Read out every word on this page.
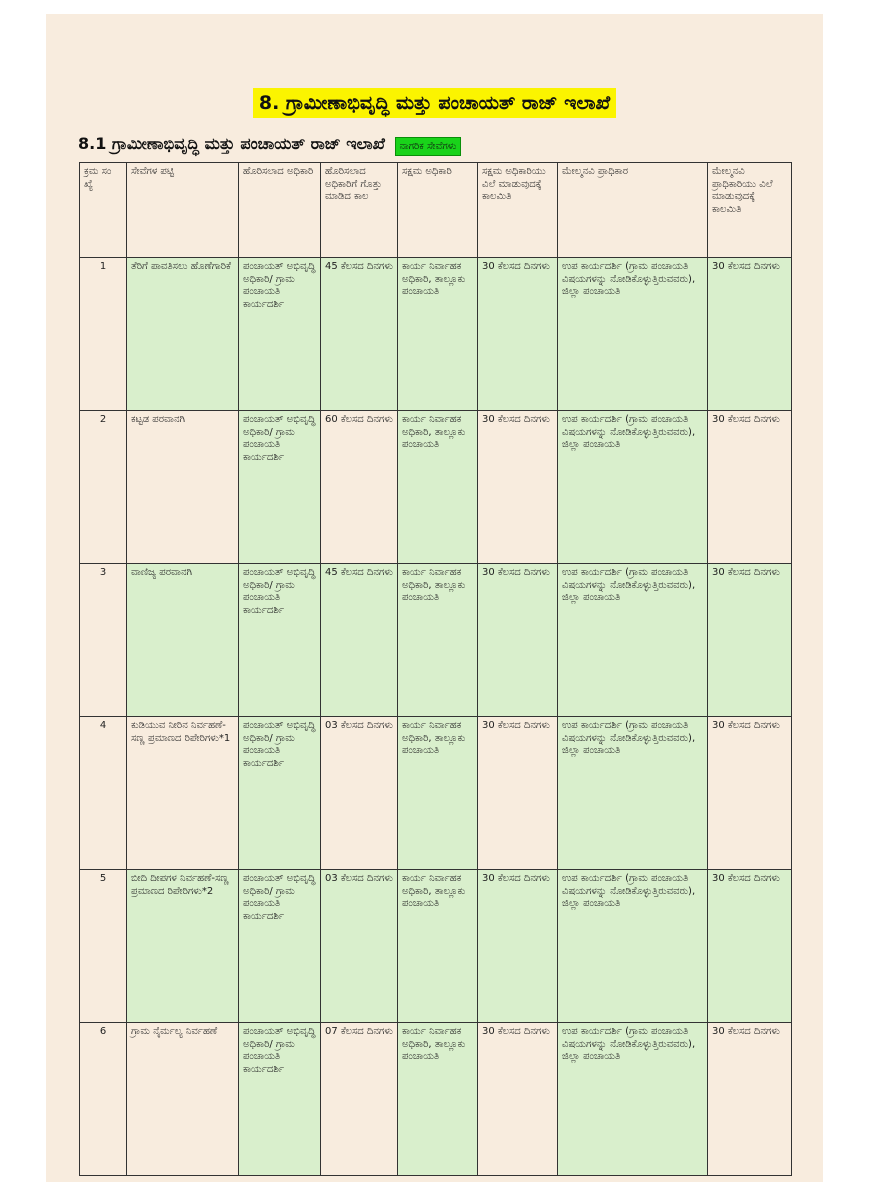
8. ಗ್ರಾಮೀಣಾಭಿವೃದ್ಧಿ ಮತ್ತು ಪಂಚಾಯತ್ ರಾಜ್ ಇಲಾಖೆ
8.1 ಗ್ರಾಮೀಣಾಭಿವೃದ್ಧಿ ಮತ್ತು ಪಂಚಾಯತ್ ರಾಜ್ ಇಲಾಖೆ ನಾಗರಿಕ ಸೇವೆಗಳು
ಕ್ರಮ ಸಂ ಖ್ಯೆ	ಸೇವೆಗಳ ಪಟ್ಟಿ	ಹೊರಿಸಲಾದ ಅಧಿಕಾರಿ	ಹೊರಿಸಲಾದ ಅಧಿಕಾರಿಗೆ ಗೊತ್ತು ಮಾಡಿದ ಕಾಲ	ಸಕ್ಷಮ ಅಧಿಕಾರಿ	ಸಕ್ಷಮ ಅಧಿಕಾರಿಯು ವಿಲೆ ಮಾಡುವುದಕ್ಕೆ ಕಾಲಮಿತಿ	ಮೇಲ್ಮನವಿ ಪ್ರಾಧಿಕಾರ	ಮೇಲ್ಮನವಿ ಪ್ರಾಧಿಕಾರಿಯು ವಿಲೆ ಮಾಡುವುದಕ್ಕೆ ಕಾಲಮಿತಿ
1	ತೆರಿಗೆ ಪಾವತಿಸಲು ಹೊಣೆಗಾರಿಕೆ	ಪಂಚಾಯತ್ ಅಭಿವೃದ್ಧಿ ಅಧಿಕಾರಿ/ ಗ್ರಾಮ ಪಂಚಾಯತಿ ಕಾರ್ಯದರ್ಶಿ	45 ಕೆಲಸದ ದಿನಗಳು	ಕಾರ್ಯ ನಿರ್ವಾಹಕ ಅಧಿಕಾರಿ, ತಾಲ್ಲೂಕು ಪಂಚಾಯತಿ	30 ಕೆಲಸದ ದಿನಗಳು	ಉಪ ಕಾರ್ಯದರ್ಶಿ (ಗ್ರಾಮ ಪಂಚಾಯತಿ ವಿಷಯಗಳನ್ನು ನೋಡಿಕೊಳ್ಳುತ್ತಿರುವವರು), ಜಿಲ್ಲಾ ಪಂಚಾಯತಿ	30 ಕೆಲಸದ ದಿನಗಳು
2	ಕಟ್ಟಡ ಪರವಾನಗಿ	ಪಂಚಾಯತ್ ಅಭಿವೃದ್ಧಿ ಅಧಿಕಾರಿ/ ಗ್ರಾಮ ಪಂಚಾಯತಿ ಕಾರ್ಯದರ್ಶಿ	60 ಕೆಲಸದ ದಿನಗಳು	ಕಾರ್ಯ ನಿರ್ವಾಹಕ ಅಧಿಕಾರಿ, ತಾಲ್ಲೂಕು ಪಂಚಾಯತಿ	30 ಕೆಲಸದ ದಿನಗಳು	ಉಪ ಕಾರ್ಯದರ್ಶಿ (ಗ್ರಾಮ ಪಂಚಾಯತಿ ವಿಷಯಗಳನ್ನು ನೋಡಿಕೊಳ್ಳುತ್ತಿರುವವರು), ಜಿಲ್ಲಾ ಪಂಚಾಯತಿ	30 ಕೆಲಸದ ದಿನಗಳು
3	ವಾಣಿಜ್ಯ ಪರವಾನಗಿ	ಪಂಚಾಯತ್ ಅಭಿವೃದ್ಧಿ ಅಧಿಕಾರಿ/ ಗ್ರಾಮ ಪಂಚಾಯತಿ ಕಾರ್ಯದರ್ಶಿ	45 ಕೆಲಸದ ದಿನಗಳು	ಕಾರ್ಯ ನಿರ್ವಾಹಕ ಅಧಿಕಾರಿ, ತಾಲ್ಲೂಕು ಪಂಚಾಯತಿ	30 ಕೆಲಸದ ದಿನಗಳು	ಉಪ ಕಾರ್ಯದರ್ಶಿ (ಗ್ರಾಮ ಪಂಚಾಯತಿ ವಿಷಯಗಳನ್ನು ನೋಡಿಕೊಳ್ಳುತ್ತಿರುವವರು), ಜಿಲ್ಲಾ ಪಂಚಾಯತಿ	30 ಕೆಲಸದ ದಿನಗಳು
4	ಕುಡಿಯುವ ನೀರಿನ ನಿರ್ವಹಣೆ- ಸಣ್ಣ ಪ್ರಮಾಣದ ರಿಪೇರಿಗಳು*1	ಪಂಚಾಯತ್ ಅಭಿವೃದ್ಧಿ ಅಧಿಕಾರಿ/ ಗ್ರಾಮ ಪಂಚಾಯತಿ ಕಾರ್ಯದರ್ಶಿ	03 ಕೆಲಸದ ದಿನಗಳು	ಕಾರ್ಯ ನಿರ್ವಾಹಕ ಅಧಿಕಾರಿ, ತಾಲ್ಲೂಕು ಪಂಚಾಯತಿ	30 ಕೆಲಸದ ದಿನಗಳು	ಉಪ ಕಾರ್ಯದರ್ಶಿ (ಗ್ರಾಮ ಪಂಚಾಯತಿ ವಿಷಯಗಳನ್ನು ನೋಡಿಕೊಳ್ಳುತ್ತಿರುವವರು), ಜಿಲ್ಲಾ ಪಂಚಾಯತಿ	30 ಕೆಲಸದ ದಿನಗಳು
5	ಬೀದಿ ದೀಪಗಳ ನಿರ್ವಹಣೆ-ಸಣ್ಣ ಪ್ರಮಾಣದ ರಿಪೇರಿಗಳು*2	ಪಂಚಾಯತ್ ಅಭಿವೃದ್ಧಿ ಅಧಿಕಾರಿ/ ಗ್ರಾಮ ಪಂಚಾಯತಿ ಕಾರ್ಯದರ್ಶಿ	03 ಕೆಲಸದ ದಿನಗಳು	ಕಾರ್ಯ ನಿರ್ವಾಹಕ ಅಧಿಕಾರಿ, ತಾಲ್ಲೂಕು ಪಂಚಾಯತಿ	30 ಕೆಲಸದ ದಿನಗಳು	ಉಪ ಕಾರ್ಯದರ್ಶಿ (ಗ್ರಾಮ ಪಂಚಾಯತಿ ವಿಷಯಗಳನ್ನು ನೋಡಿಕೊಳ್ಳುತ್ತಿರುವವರು), ಜಿಲ್ಲಾ ಪಂಚಾಯತಿ	30 ಕೆಲಸದ ದಿನಗಳು
6	ಗ್ರಾಮ ನೈರ್ಮಲ್ಯ ನಿರ್ವಹಣೆ	ಪಂಚಾಯತ್ ಅಭಿವೃದ್ಧಿ ಅಧಿಕಾರಿ/ ಗ್ರಾಮ ಪಂಚಾಯತಿ ಕಾರ್ಯದರ್ಶಿ	07 ಕೆಲಸದ ದಿನಗಳು	ಕಾರ್ಯ ನಿರ್ವಾಹಕ ಅಧಿಕಾರಿ, ತಾಲ್ಲೂಕು ಪಂಚಾಯತಿ	30 ಕೆಲಸದ ದಿನಗಳು	ಉಪ ಕಾರ್ಯದರ್ಶಿ (ಗ್ರಾಮ ಪಂಚಾಯತಿ ವಿಷಯಗಳನ್ನು ನೋಡಿಕೊಳ್ಳುತ್ತಿರುವವರು), ಜಿಲ್ಲಾ ಪಂಚಾಯತಿ	30 ಕೆಲಸದ ದಿನಗಳು
